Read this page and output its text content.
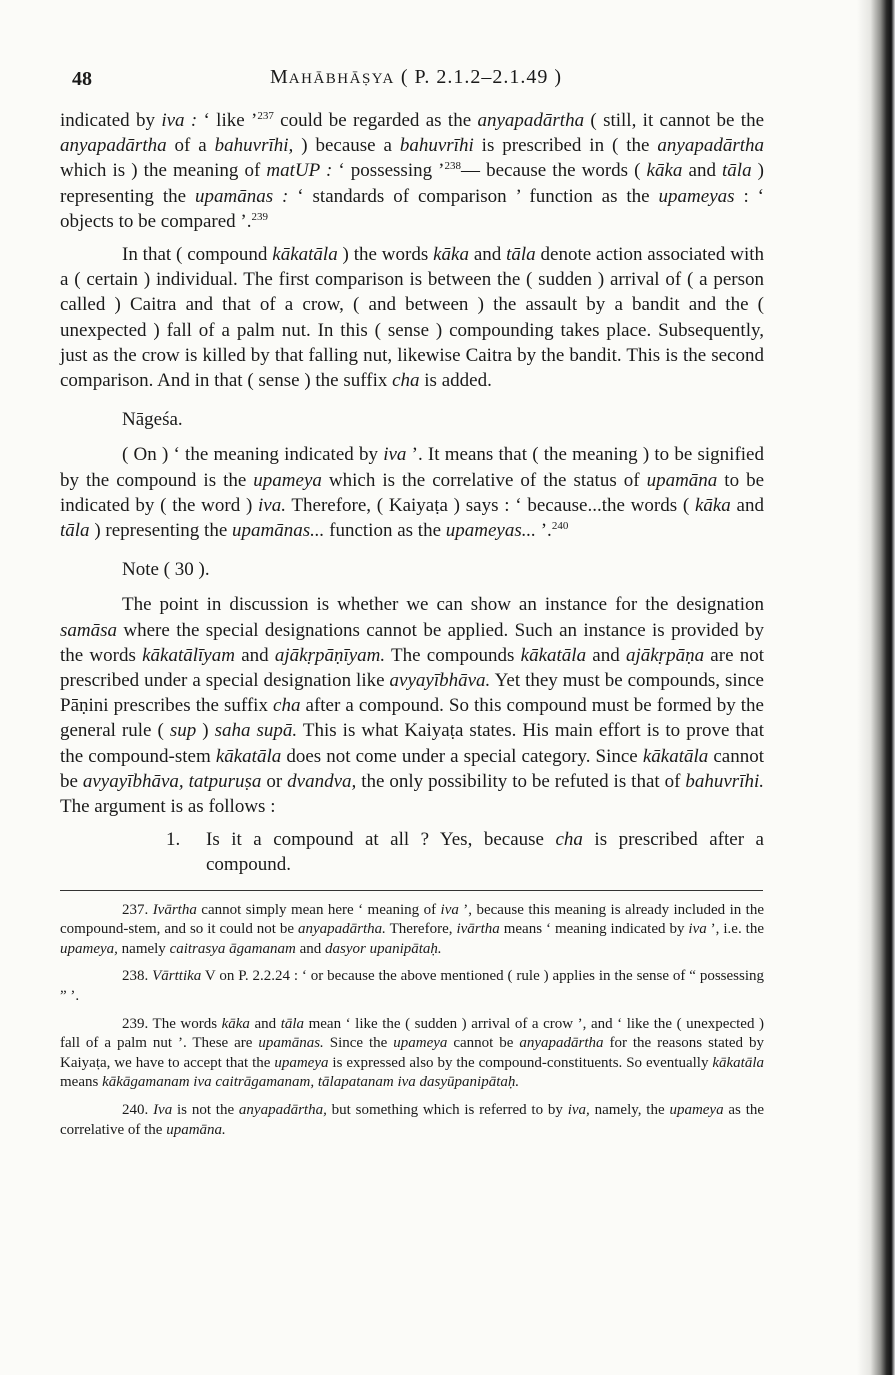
48	MAHĀBHĀṢYA ( P. 2.1.2–2.1.49 )

indicated by iva : ‘ like ’$^{237}$ could be regarded as the anyapadārtha ( still, it cannot be the anyapadārtha of a bahuvrīhi, ) because a bahuvrīhi is prescribed in ( the anyapadārtha which is ) the meaning of matUP : ‘ possessing ’$^{238}$— because the words ( kāka and tāla ) representing the upamānas : ‘ standards of comparison ’ function as the upameyas : ‘ objects to be compared ’.$^{239}$

In that ( compound kākatāla ) the words kāka and tāla denote action associated with a ( certain ) individual. The first comparison is between the ( sudden ) arrival of ( a person called ) Caitra and that of a crow, ( and between ) the assault by a bandit and the ( unexpected ) fall of a palm nut. In this ( sense ) compounding takes place. Subsequently, just as the crow is killed by that falling nut, likewise Caitra by the bandit. This is the second comparison. And in that ( sense ) the suffix cha is added.

Nāgeśa.

( On ) ‘ the meaning indicated by iva ’. It means that ( the meaning ) to be signified by the compound is the upameya which is the correlative of the status of upamāna to be indicated by ( the word ) iva. Therefore, ( Kaiyaṭa ) says : ‘ because...the words ( kāka and tāla ) representing the upamānas... function as the upameyas... ’.$^{240}$

Note ( 30 ).

The point in discussion is whether we can show an instance for the designation samāsa where the special designations cannot be applied. Such an instance is provided by the words kākatālīyam and ajākṛpāṇīyam. The compounds kākatāla and ajākṛpāṇa are not prescribed under a special designation like avyayībhāva. Yet they must be compounds, since Pāṇini prescribes the suffix cha after a compound. So this compound must be formed by the general rule ( sup ) saha supā. This is what Kaiyaṭa states. His main effort is to prove that the compound-stem kākatāla does not come under a special category. Since kākatāla cannot be avyayībhāva, tatpuruṣa or dvandva, the only possibility to be refuted is that of bahuvrīhi. The argument is as follows :

1.	Is it a compound at all ? Yes, because cha is prescribed after a compound.

237. Ivārtha cannot simply mean here ‘ meaning of iva ’, because this meaning is already included in the compound-stem, and so it could not be anyapadārtha. Therefore, ivārtha means ‘ meaning indicated by iva ’, i.e. the upameya, namely caitrasya āgamanam and dasyor upanipātaḥ.

238. Vārttika V on P. 2.2.24 : ‘ or because the above mentioned ( rule ) applies in the sense of “ possessing ” ’.

239. The words kāka and tāla mean ‘ like the ( sudden ) arrival of a crow ’, and ‘ like the ( unexpected ) fall of a palm nut ’. These are upamānas. Since the upameya cannot be anyapadārtha for the reasons stated by Kaiyaṭa, we have to accept that the upameya is expressed also by the compound-constituents. So eventually kākatāla means kākāgamanam iva caitrāgamanam, tālapatanam iva dasyūpanipātaḥ.

240. Iva is not the anyapadārtha, but something which is referred to by iva, namely, the upameya as the correlative of the upamāna.
